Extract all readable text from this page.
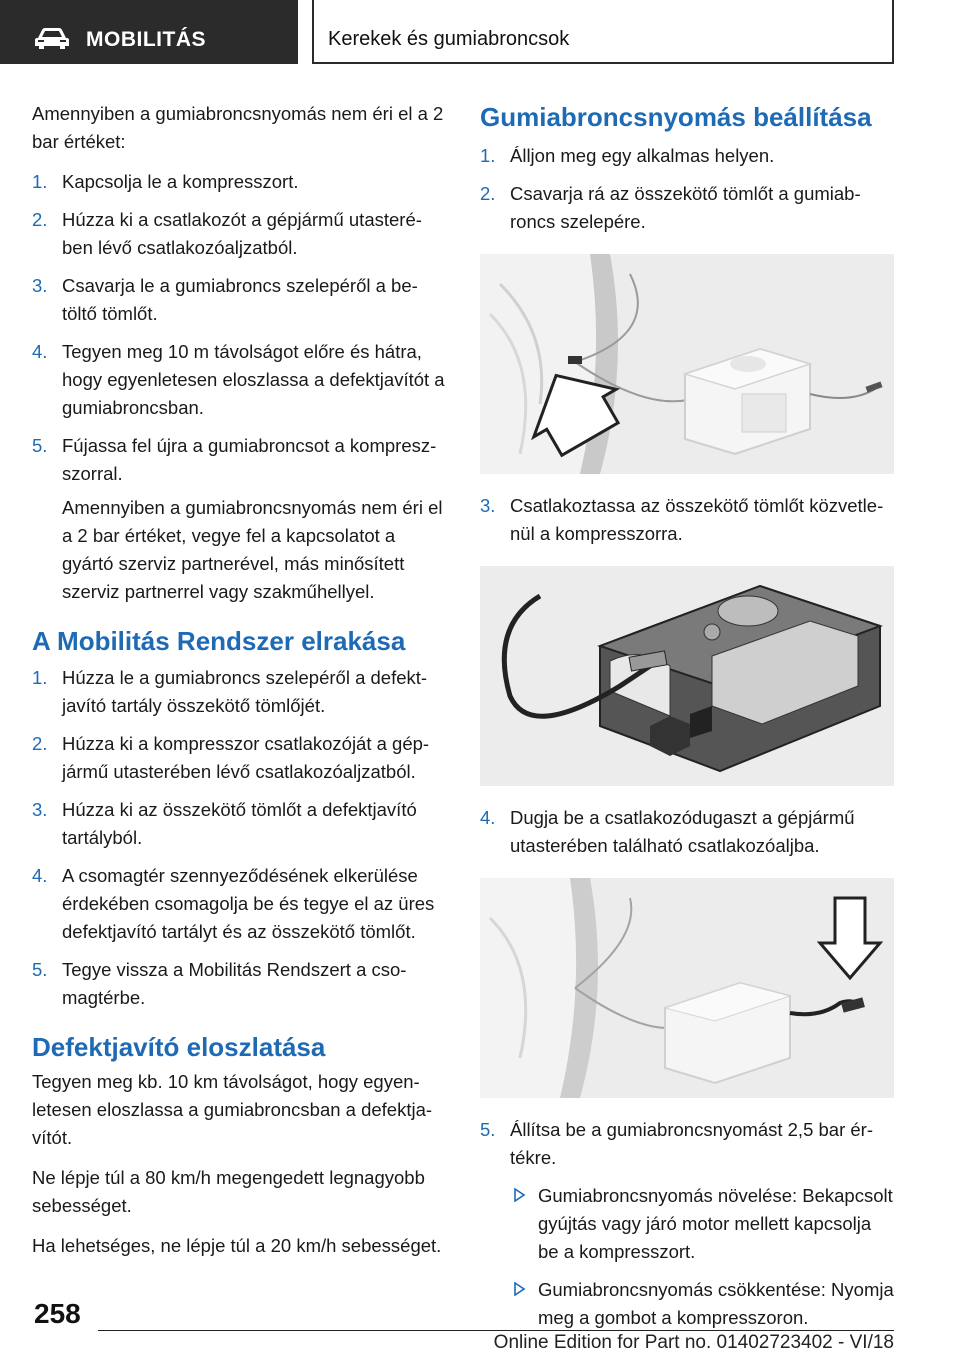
MOBILITÁS	Kerekek és gumiabroncsok

Amennyiben a gumiabroncsnyomás nem éri el a 2 bar értéket:

1. Kapcsolja le a kompresszort.
2. Húzza ki a csatlakozót a gépjármű utasterében lévő csatlakozóaljzatból.
3. Csavarja le a gumiabroncs szelepéről a betöltő tömlőt.
4. Tegyen meg 10 m távolságot előre és hátra, hogy egyenletesen eloszlassa a defektjavítót a gumiabroncsban.
5. Fújassa fel újra a gumiabroncsot a kompreszszorral.

Amennyiben a gumiabroncsnyomás nem éri el a 2 bar értéket, vegye fel a kapcsolatot a gyártó szerviz partnerével, más minősített szerviz partnerrel vagy szakműhellyel.

A Mobilitás Rendszer elrakása
1. Húzza le a gumiabroncs szelepéről a defektjavító tartály összekötő tömlőjét.
2. Húzza ki a kompresszor csatlakozóját a gépjármű utasterében lévő csatlakozóaljzatból.
3. Húzza ki az összekötő tömlőt a defektjavító tartályból.
4. A csomagtér szennyeződésének elkerülése érdekében csomagolja be és tegye el az üres defektjavító tartályt és az összekötő tömlőt.
5. Tegye vissza a Mobilitás Rendszert a csomagtérbe.
Defektjavító eloszlatása

Tegyen meg kb. 10 km távolságot, hogy egyenletesen eloszlassa a gumiabroncsban a defektjavítót.

Ne lépje túl a 80 km/h megengedett legnagyobb sebességet.

Ha lehetséges, ne lépje túl a 20 km/h sebességet.

Gumiabroncsnyomás beállítása
1. Álljon meg egy alkalmas helyen.
2. Csavarja rá az összekötő tömlőt a gumiabroncs szelepére.
3. Csatlakoztassa az összekötő tömlőt közvetlenül a kompresszorra.
4. Dugja be a csatlakozódugaszt a gépjármű utasterében található csatlakozóaljba.
5. Állítsa be a gumiabroncsnyomást 2,5 bar értékre.
Gumiabroncsnyomás növelése: Bekapcsolt gyújtás vagy járó motor mellett kapcsolja be a kompresszort.
Gumiabroncsnyomás csökkentése: Nyomja meg a gombot a kompresszoron.
258
Online Edition for Part no. 01402723402 - VI/18
